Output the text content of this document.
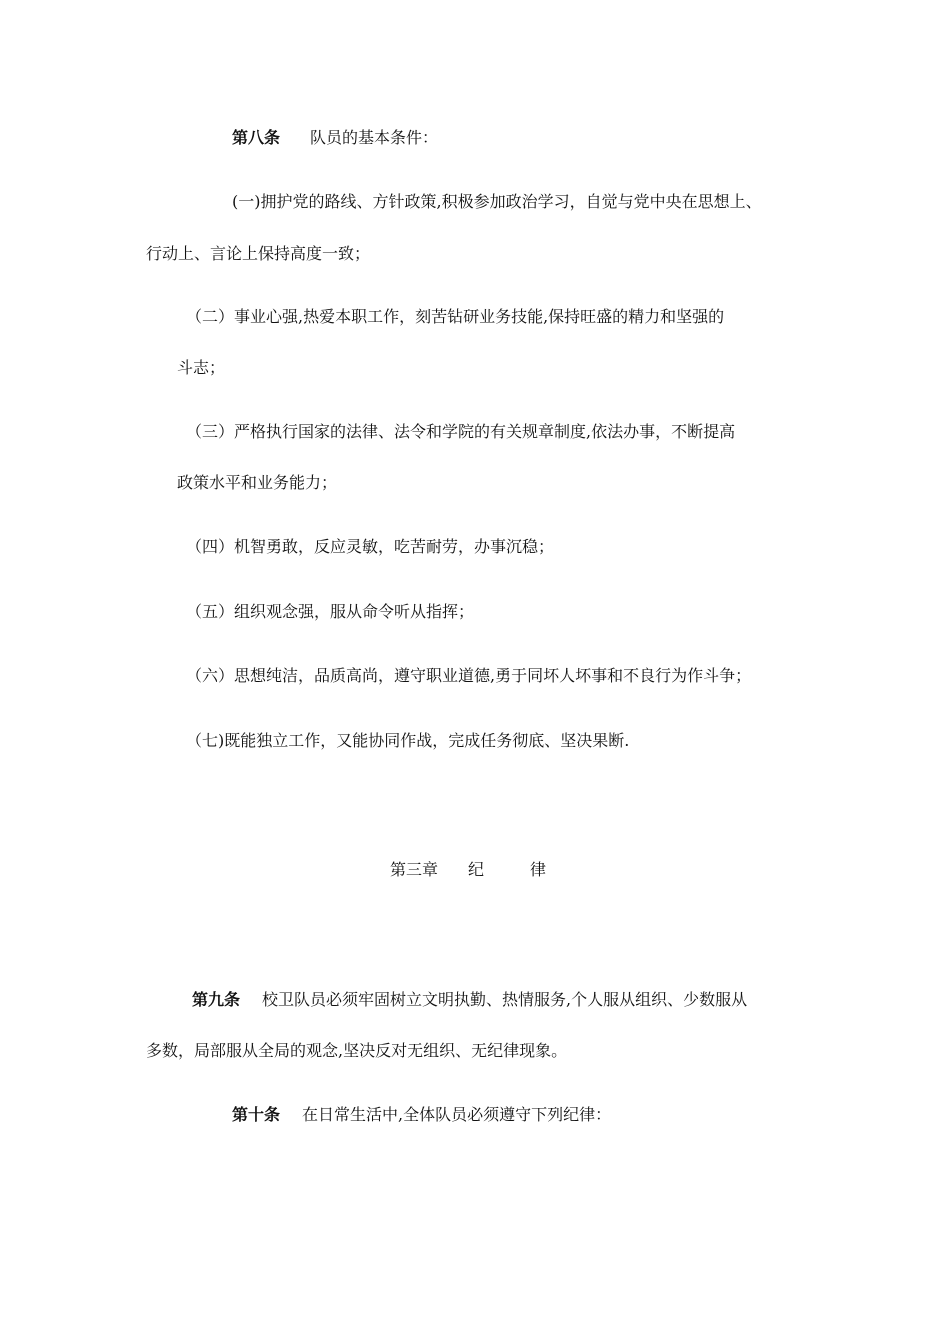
第八条 队员的基本条件：
(一)拥护党的路线、方针政策,积极参加政治学习，自觉与党中央在思想上、
行动上、言论上保持高度一致；
（二）事业心强,热爱本职工作，刻苦钻研业务技能,保持旺盛的精力和坚强的
斗志；
（三）严格执行国家的法律、法令和学院的有关规章制度,依法办事，不断提高
政策水平和业务能力；
（四）机智勇敢，反应灵敏，吃苦耐劳，办事沉稳；
（五）组织观念强，服从命令听从指挥；
（六）思想纯洁，品质高尚，遵守职业道德,勇于同坏人坏事和不良行为作斗争；
（七)既能独立工作，又能协同作战，完成任务彻底、坚决果断.
第三章 纪	律
第九条 校卫队员必须牢固树立文明执勤、热情服务,个人服从组织、少数服从
多数，局部服从全局的观念,坚决反对无组织、无纪律现象。
第十条 在日常生活中,全体队员必须遵守下列纪律：
